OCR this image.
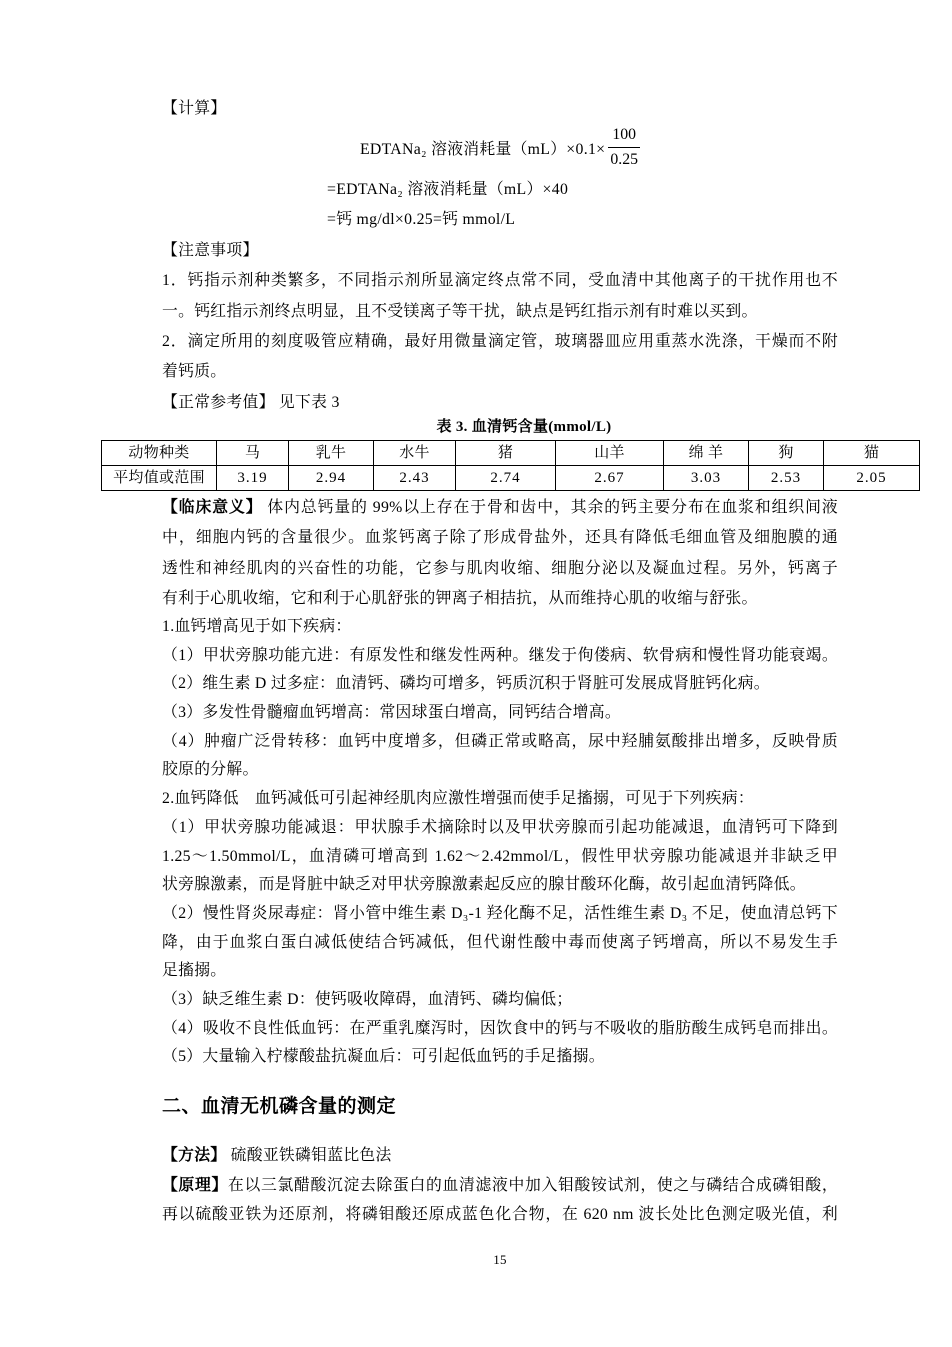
【计算】
EDTANa₂ 溶液消耗量$(mL)\times 0.1\times \frac{100}{0.25}$
=EDTANa₂ 溶液消耗量（mL）×40
=钙 mg/dl×0.25=钙 mmol/L
【注意事项】
1．钙指示剂种类繁多，不同指示剂所显滴定终点常不同，受血清中其他离子的干扰作用也不
一。钙红指示剂终点明显，且不受镁离子等干扰，缺点是钙红指示剂有时难以买到。
2．滴定所用的刻度吸管应精确，最好用微量滴定管，玻璃器皿应用重蒸水洗涤，干燥而不附
着钙质。
【正常参考值】 见下表 3
表 3. 血清钙含量(mmol/L)
动物种类	马	乳牛	水牛	猪	山羊	绵 羊	狗	猫
平均值或范围	3.19	2.94	2.43	2.74	2.67	3.03	2.53	2.05
【临床意义】 体内总钙量的 99%以上存在于骨和齿中，其余的钙主要分布在血浆和组织间液
中，细胞内钙的含量很少。血浆钙离子除了形成骨盐外，还具有降低毛细血管及细胞膜的通
透性和神经肌肉的兴奋性的功能，它参与肌肉收缩、细胞分泌以及凝血过程。另外，钙离子
有利于心肌收缩，它和利于心肌舒张的钾离子相拮抗，从而维持心肌的收缩与舒张。
1.血钙增高见于如下疾病：
（1）甲状旁腺功能亢进：有原发性和继发性两种。继发于佝偻病、软骨病和慢性肾功能衰竭。
（2）维生素 D 过多症：血清钙、磷均可增多，钙质沉积于肾脏可发展成肾脏钙化病。
（3）多发性骨髓瘤血钙增高：常因球蛋白增高，同钙结合增高。
（4）肿瘤广泛骨转移：血钙中度增多，但磷正常或略高，尿中羟脯氨酸排出增多，反映骨质
胶原的分解。
2.血钙降低　血钙减低可引起神经肌肉应激性增强而使手足搐搦，可见于下列疾病：
（1）甲状旁腺功能减退：甲状腺手术摘除时以及甲状旁腺而引起功能减退，血清钙可下降到
1.25～1.50mmol/L，血清磷可增高到 1.62～2.42mmol/L，假性甲状旁腺功能减退并非缺乏甲
状旁腺激素，而是肾脏中缺乏对甲状旁腺激素起反应的腺甘酸环化酶，故引起血清钙降低。
（2）慢性肾炎尿毒症：肾小管中维生素 D₃-1 羟化酶不足，活性维生素 D₃ 不足，使血清总钙下
降，由于血浆白蛋白减低使结合钙减低，但代谢性酸中毒而使离子钙增高，所以不易发生手
足搐搦。
（3）缺乏维生素 D：使钙吸收障碍，血清钙、磷均偏低；
（4）吸收不良性低血钙：在严重乳糜泻时，因饮食中的钙与不吸收的脂肪酸生成钙皂而排出。
（5）大量输入柠檬酸盐抗凝血后：可引起低血钙的手足搐搦。
二、血清无机磷含量的测定
【方法】 硫酸亚铁磷钼蓝比色法
【原理】在以三氯醋酸沉淀去除蛋白的血清滤液中加入钼酸铵试剂，使之与磷结合成磷钼酸，
再以硫酸亚铁为还原剂，将磷钼酸还原成蓝色化合物，在 620 nm 波长处比色测定吸光值，利
15
